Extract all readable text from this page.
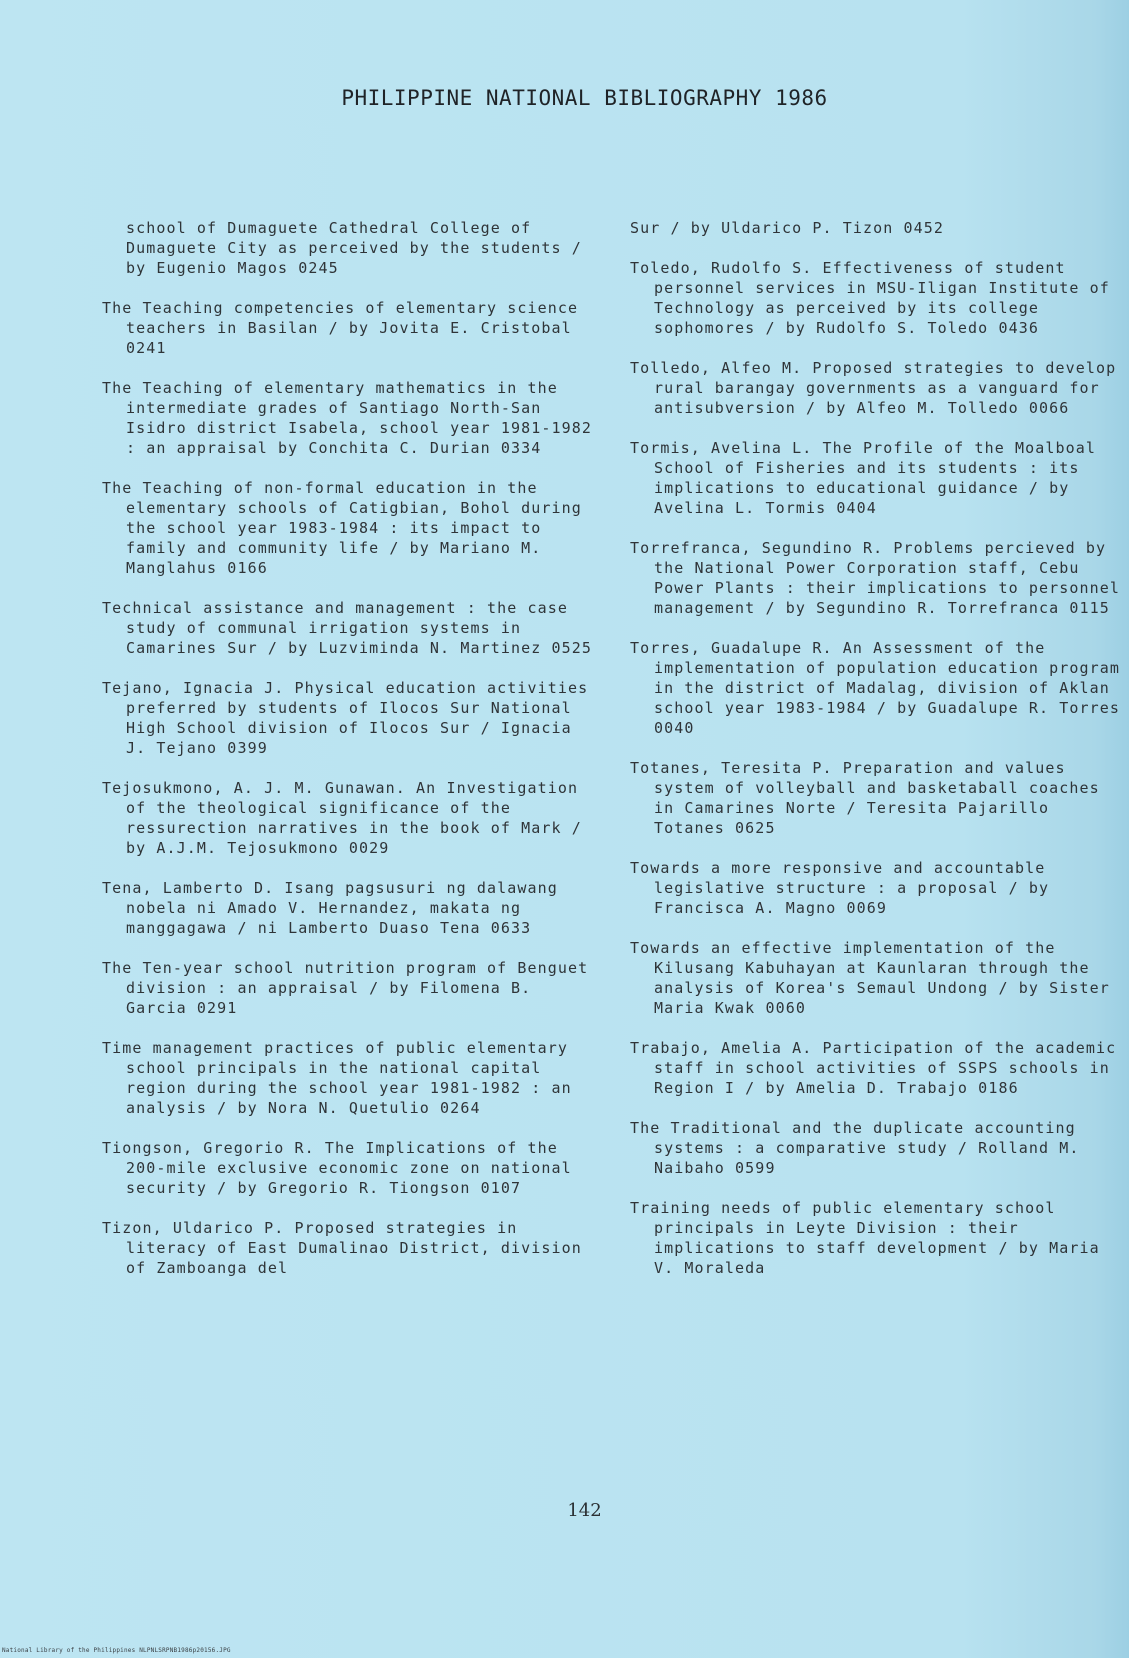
PHILIPPINE NATIONAL BIBLIOGRAPHY 1986
school of Dumaguete Cathedral College of Dumaguete City as perceived by the students / by Eugenio Magos 0245
The Teaching competencies of elementary science teachers in Basilan / by Jovita E. Cristobal 0241
The Teaching of elementary mathematics in the intermediate grades of Santiago North-San Isidro district Isabela, school year 1981-1982 : an appraisal by Conchita C. Durian 0334
The Teaching of non-formal education in the elementary schools of Catigbian, Bohol during the school year 1983-1984 : its impact to family and community life / by Mariano M. Manglahus 0166
Technical assistance and management : the case study of communal irrigation systems in Camarines Sur / by Luzviminda N. Martinez 0525
Tejano, Ignacia J. Physical education activities preferred by students of Ilocos Sur National High School division of Ilocos Sur / Ignacia J. Tejano 0399
Tejosukmono, A. J. M. Gunawan. An Investigation of the theological significance of the ressurection narratives in the book of Mark / by A.J.M. Tejosukmono 0029
Tena, Lamberto D. Isang pagsusuri ng dalawang nobela ni Amado V. Hernandez, makata ng manggagawa / ni Lamberto Duaso Tena 0633
The Ten-year school nutrition program of Benguet division : an appraisal / by Filomena B. Garcia 0291
Time management practices of public elementary school principals in the national capital region during the school year 1981-1982 : an analysis / by Nora N. Quetulio 0264
Tiongson, Gregorio R. The Implications of the 200-mile exclusive economic zone on national security / by Gregorio R. Tiongson 0107
Tizon, Uldarico P. Proposed strategies in literacy of East Dumalinao District, division of Zamboanga del
Sur / by Uldarico P. Tizon 0452
Toledo, Rudolfo S. Effectiveness of student personnel services in MSU-Iligan Institute of Technology as perceived by its college sophomores / by Rudolfo S. Toledo 0436
Tolledo, Alfeo M. Proposed strategies to develop rural barangay governments as a vanguard for antisubversion / by Alfeo M. Tolledo 0066
Tormis, Avelina L. The Profile of the Moalboal School of Fisheries and its students : its implications to educational guidance / by Avelina L. Tormis 0404
Torrefranca, Segundino R. Problems percieved by the National Power Corporation staff, Cebu Power Plants : their implications to personnel management / by Segundino R. Torrefranca 0115
Torres, Guadalupe R. An Assessment of the implementation of population education program in the district of Madalag, division of Aklan school year 1983-1984 / by Guadalupe R. Torres 0040
Totanes, Teresita P. Preparation and values system of volleyball and basketaball coaches in Camarines Norte / Teresita Pajarillo Totanes 0625
Towards a more responsive and accountable legislative structure : a proposal / by Francisca A. Magno 0069
Towards an effective implementation of the Kilusang Kabuhayan at Kaunlaran through the analysis of Korea's Semaul Undong / by Sister Maria Kwak 0060
Trabajo, Amelia A. Participation of the academic staff in school activities of SSPS schools in Region I / by Amelia D. Trabajo 0186
The Traditional and the duplicate accounting systems : a comparative study / Rolland M. Naibaho 0599
Training needs of public elementary school principals in Leyte Division : their implications to staff development / by Maria V. Moraleda
142
National Library of the Philippines NLPNLSRPNB1986p20156.JPG
